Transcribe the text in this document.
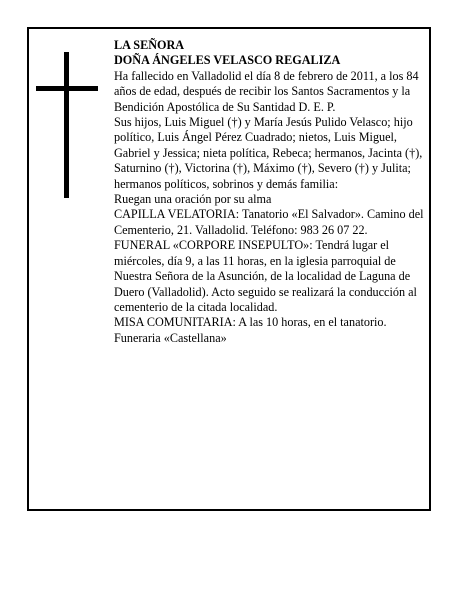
LA SEÑORA

DOÑA ÁNGELES VELASCO REGALIZA

Ha fallecido en Valladolid el día 8 de febrero de 2011, a los 84 años de edad, después de recibir los Santos Sacramentos y la Bendición Apostólica de Su Santidad D. E. P.

Sus hijos, Luis Miguel (†) y María Jesús Pulido Velasco; hijo político, Luis Ángel Pérez Cuadrado; nietos, Luis Miguel, Gabriel y Jessica; nieta política, Rebeca; hermanos, Jacinta (†), Saturnino (†), Victorina (†), Máximo (†), Severo (†) y Julita; hermanos políticos, sobrinos y demás familia:

Ruegan una oración por su alma

CAPILLA VELATORIA: Tanatorio «El Salvador». Camino del Cementerio, 21. Valladolid. Teléfono: 983 26 07 22.

FUNERAL «CORPORE INSEPULTO»: Tendrá lugar el miércoles, día 9, a las 11 horas, en la iglesia parroquial de Nuestra Señora de la Asunción, de la localidad de Laguna de Duero (Valladolid). Acto seguido se realizará la conducción al cementerio de la citada localidad.

MISA COMUNITARIA: A las 10 horas, en el tanatorio.

Funeraria «Castellana»
